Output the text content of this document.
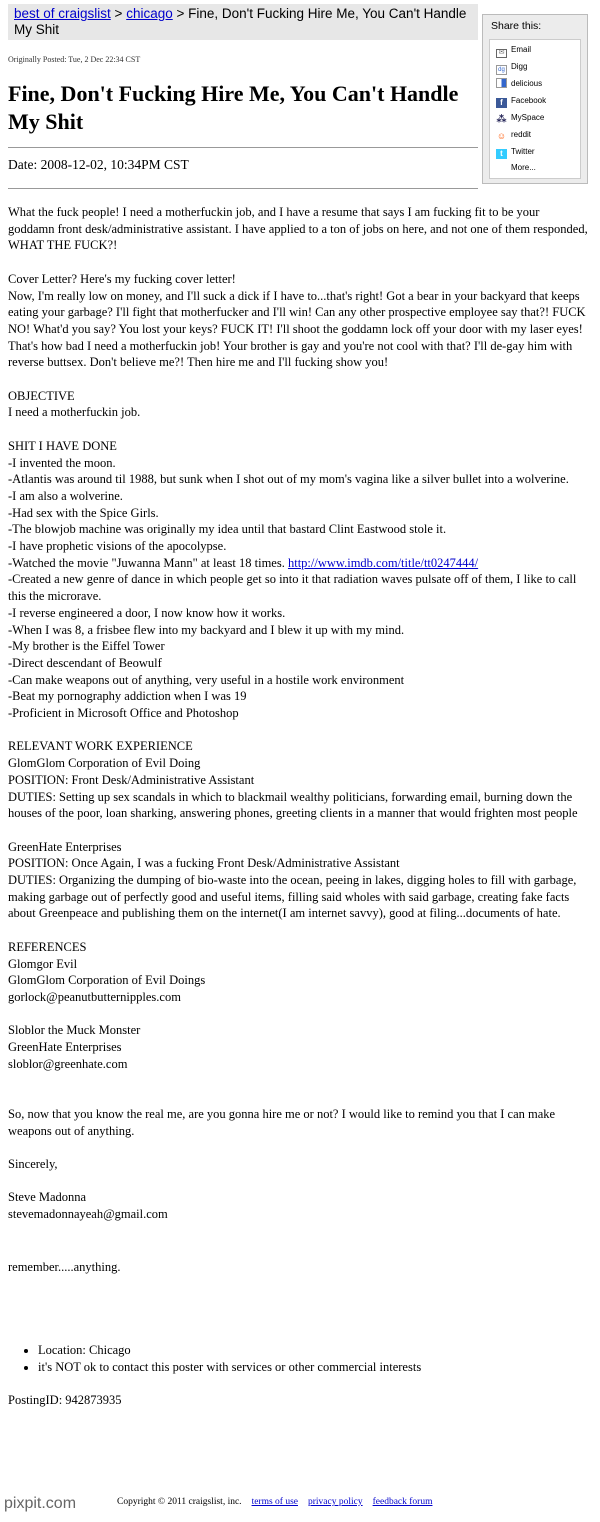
best of craigslist > chicago > Fine, Don't Fucking Hire Me, You Can't Handle My Shit
Originally Posted: Tue, 2 Dec 22:34 CST
Fine, Don't Fucking Hire Me, You Can't Handle My Shit
Date: 2008-12-02, 10:34PM CST
Share this:
✉ Email
dg Digg
delicious
f Facebook
⁂ MySpace
☺ reddit
t Twitter
More...
What the fuck people! I need a motherfuckin job, and I have a resume that says I am fucking fit to be your goddamn front desk/administrative assistant. I have applied to a ton of jobs on here, and not one of them responded, WHAT THE FUCK?!
Cover Letter? Here's my fucking cover letter!
Now, I'm really low on money, and I'll suck a dick if I have to...that's right! Got a bear in your backyard that keeps eating your garbage? I'll fight that motherfucker and I'll win! Can any other prospective employee say that?! FUCK NO! What'd you say? You lost your keys? FUCK IT! I'll shoot the goddamn lock off your door with my laser eyes! That's how bad I need a motherfuckin job! Your brother is gay and you're not cool with that? I'll de-gay him with reverse buttsex. Don't believe me?! Then hire me and I'll fucking show you!
OBJECTIVE
I need a motherfuckin job.
SHIT I HAVE DONE
-I invented the moon.
-Atlantis was around til 1988, but sunk when I shot out of my mom's vagina like a silver bullet into a wolverine.
-I am also a wolverine.
-Had sex with the Spice Girls.
-The blowjob machine was originally my idea until that bastard Clint Eastwood stole it.
-I have prophetic visions of the apocolypse.
-Watched the movie "Juwanna Mann" at least 18 times. http://www.imdb.com/title/tt0247444/
-Created a new genre of dance in which people get so into it that radiation waves pulsate off of them, I like to call this the microrave.
-I reverse engineered a door, I now know how it works.
-When I was 8, a frisbee flew into my backyard and I blew it up with my mind.
-My brother is the Eiffel Tower
-Direct descendant of Beowulf
-Can make weapons out of anything, very useful in a hostile work environment
-Beat my pornography addiction when I was 19
-Proficient in Microsoft Office and Photoshop
RELEVANT WORK EXPERIENCE
GlomGlom Corporation of Evil Doing
POSITION: Front Desk/Administrative Assistant
DUTIES: Setting up sex scandals in which to blackmail wealthy politicians, forwarding email, burning down the houses of the poor, loan sharking, answering phones, greeting clients in a manner that would frighten most people
GreenHate Enterprises
POSITION: Once Again, I was a fucking Front Desk/Administrative Assistant
DUTIES: Organizing the dumping of bio-waste into the ocean, peeing in lakes, digging holes to fill with garbage, making garbage out of perfectly good and useful items, filling said wholes with said garbage, creating fake facts about Greenpeace and publishing them on the internet(I am internet savvy), good at filing...documents of hate.
REFERENCES
Glomgor Evil
GlomGlom Corporation of Evil Doings
gorlock@peanutbutternipples.com
Sloblor the Muck Monster
GreenHate Enterprises
sloblor@greenhate.com
So, now that you know the real me, are you gonna hire me or not? I would like to remind you that I can make weapons out of anything.
Sincerely,
Steve Madonna
stevemadonnayeah@gmail.com
remember.....anything.
• Location: Chicago
• it's NOT ok to contact this poster with services or other commercial interests
PostingID: 942873935
pixpit.com	Copyright © 2011 craigslist, inc. terms of use privacy policy feedback forum
